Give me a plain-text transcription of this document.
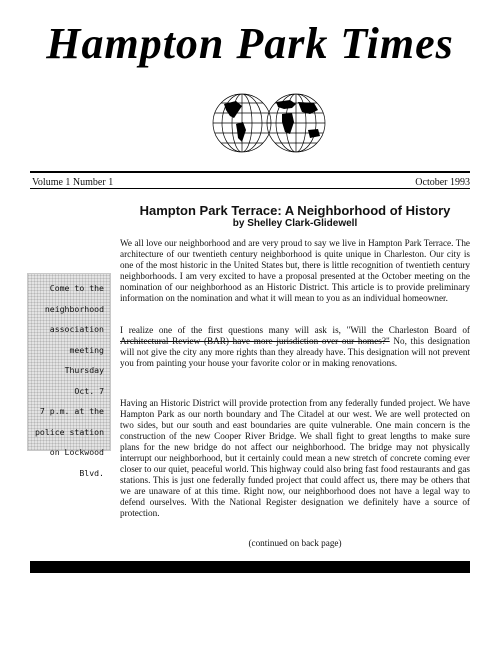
Hampton Park Times
Volume 1 Number 1	October 1993
Come to the
neighborhood
association
meeting
Thursday
Oct. 7
7 p.m. at the
police station
on Lockwood
Blvd.
Hampton Park Terrace: A Neighborhood of History
by Shelley Clark-Glidewell

We all love our neighborhood and are very proud to say we live in Hampton Park Terrace. The architecture of our twentieth century neighborhood is quite unique in Charleston. Our city is one of the most historic in the United States but, there is little recognition of twentieth century neighborhoods. I am very excited to have a proposal presented at the October meeting on the nomination of our neighborhood as an Historic District. This article is to provide preliminary information on the nomination and what it will mean to you as an individual homeowner.

I realize one of the first questions many will ask is, "Will the Charleston Board of Architectural Review (BAR) have more jurisdiction over our homes?" No, this designation will not give the city any more rights than they already have. This designation will not prevent you from painting your house your favorite color or in making renovations.

Having an Historic District will provide protection from any federally funded project. We have Hampton Park as our north boundary and The Citadel at our west. We are well protected on two sides, but our south and east boundaries are quite vulnerable. One main concern is the construction of the new Cooper River Bridge. We shall fight to great lengths to make sure plans for the new bridge do not affect our neighborhood. The bridge may not physically interrupt our neighborhood, but it certainly could mean a new stretch of concrete coming ever closer to our quiet, peaceful world. This highway could also bring fast food restaurants and gas stations. This is just one federally funded project that could affect us, there may be others that we are unaware of at this time. Right now, our neighborhood does not have a legal way to defend ourselves. With the National Register designation we definitely have a source of protection.

(continued on back page)
